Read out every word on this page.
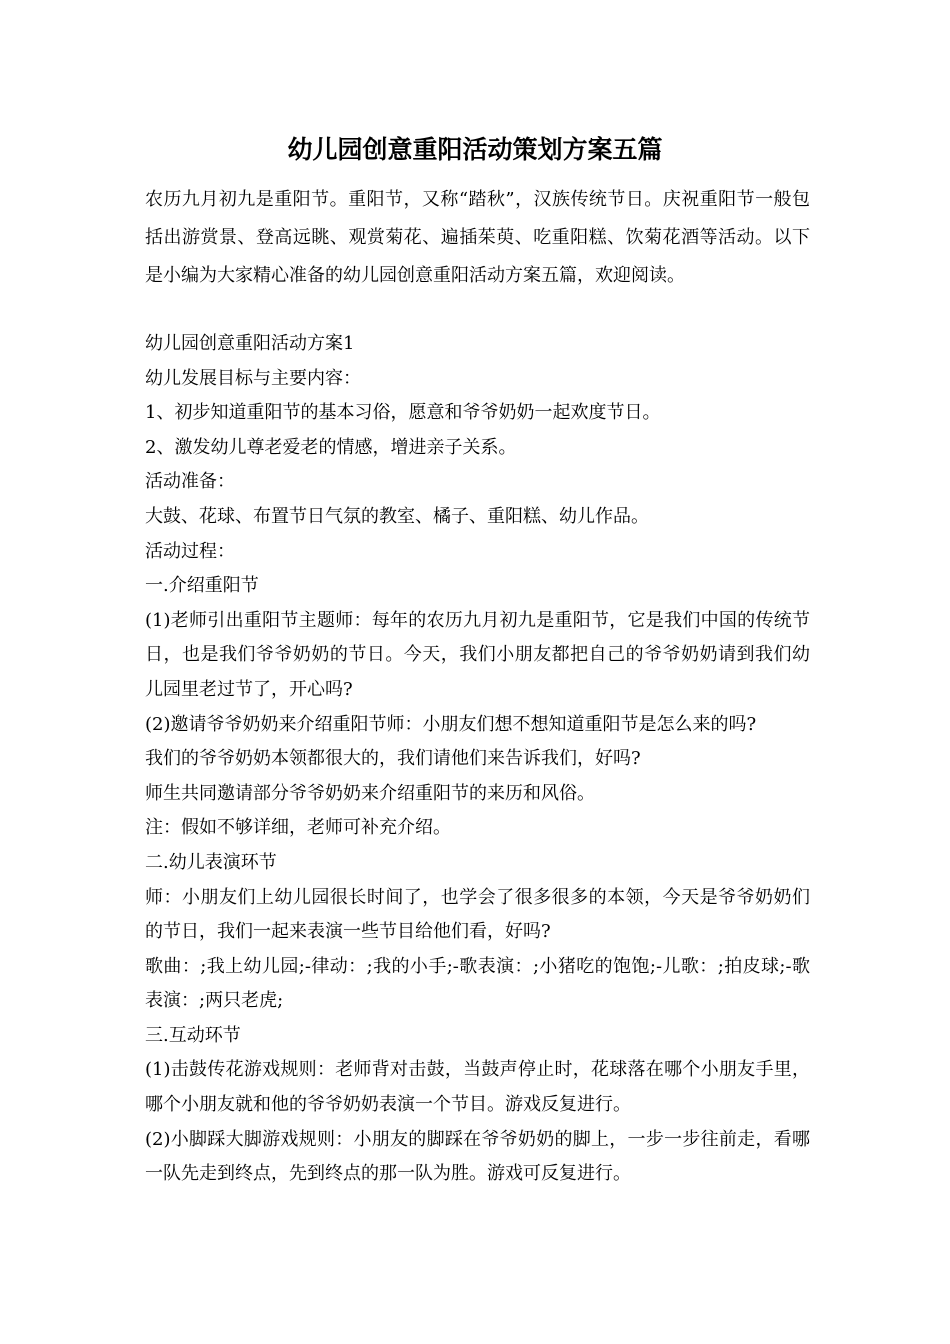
幼儿园创意重阳活动策划方案五篇

农历九月初九是重阳节。重阳节，又称“踏秋”，汉族传统节日。庆祝重阳节一般包括出游赏景、登高远眺、观赏菊花、遍插茱萸、吃重阳糕、饮菊花酒等活动。以下是小编为大家精心准备的幼儿园创意重阳活动方案五篇，欢迎阅读。

幼儿园创意重阳活动方案1

幼儿发展目标与主要内容：

1、初步知道重阳节的基本习俗，愿意和爷爷奶奶一起欢度节日。

2、激发幼儿尊老爱老的情感，增进亲子关系。

活动准备：

大鼓、花球、布置节日气氛的教室、橘子、重阳糕、幼儿作品。

活动过程：

一.介绍重阳节

(1)老师引出重阳节主题师：每年的农历九月初九是重阳节，它是我们中国的传统节日，也是我们爷爷奶奶的节日。今天，我们小朋友都把自己的爷爷奶奶请到我们幼儿园里老过节了，开心吗?

(2)邀请爷爷奶奶来介绍重阳节师：小朋友们想不想知道重阳节是怎么来的吗?

我们的爷爷奶奶本领都很大的，我们请他们来告诉我们，好吗?

师生共同邀请部分爷爷奶奶来介绍重阳节的来历和风俗。

注：假如不够详细，老师可补充介绍。

二.幼儿表演环节

师：小朋友们上幼儿园很长时间了，也学会了很多很多的本领，今天是爷爷奶奶们的节日，我们一起来表演一些节目给他们看，好吗?

歌曲：;我上幼儿园;-律动：;我的小手;-歌表演：;小猪吃的饱饱;-儿歌：;拍皮球;-歌表演：;两只老虎;

三.互动环节

(1)击鼓传花游戏规则：老师背对击鼓，当鼓声停止时，花球落在哪个小朋友手里，哪个小朋友就和他的爷爷奶奶表演一个节目。游戏反复进行。

(2)小脚踩大脚游戏规则：小朋友的脚踩在爷爷奶奶的脚上，一步一步往前走，看哪一队先走到终点，先到终点的那一队为胜。游戏可反复进行。
